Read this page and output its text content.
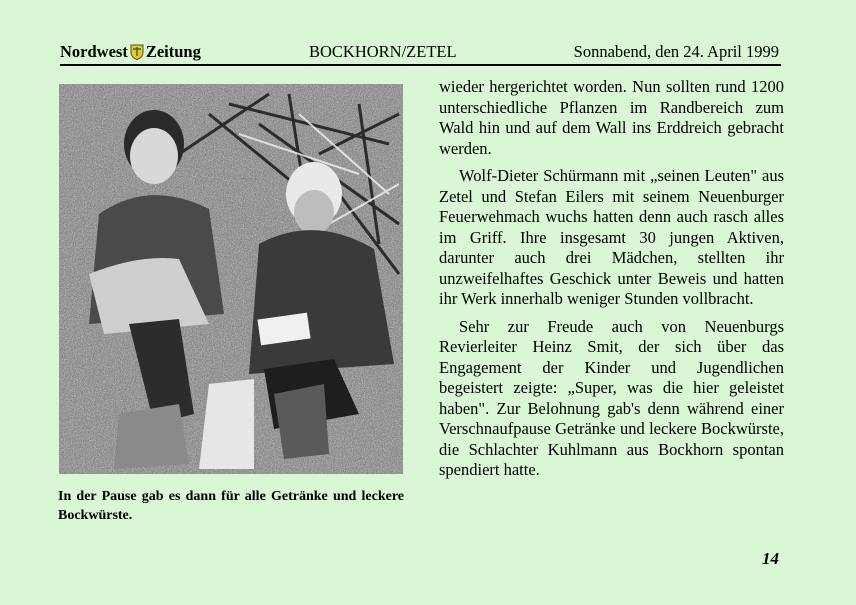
Nordwest Zeitung	BOCKHORN/ZETEL	Sonnabend, den 24. April 1999
In der Pause gab es dann für alle Getränke und leckere Bockwürste.

wieder hergerichtet worden. Nun sollten rund 1200 unterschiedliche Pflanzen im Randbereich zum Wald hin und auf dem Wall ins Erddreich gebracht werden.

Wolf-Dieter Schürmann mit „seinen Leuten" aus Zetel und Stefan Eilers mit seinem Neuenburger Feuerwehmach wuchs hatten denn auch rasch alles im Griff. Ihre insgesamt 30 jungen Aktiven, darunter auch drei Mädchen, stellten ihr unzweifelhaftes Geschick unter Beweis und hatten ihr Werk innerhalb weniger Stunden vollbracht.

Sehr zur Freude auch von Neuenburgs Revierleiter Heinz Smit, der sich über das Engagement der Kinder und Jugendlichen begeistert zeigte: „Super, was die hier geleistet haben". Zur Belohnung gab's denn während einer Verschnaufpause Getränke und leckere Bockwürste, die Schlachter Kuhlmann aus Bockhorn spontan spendiert hatte.

14
